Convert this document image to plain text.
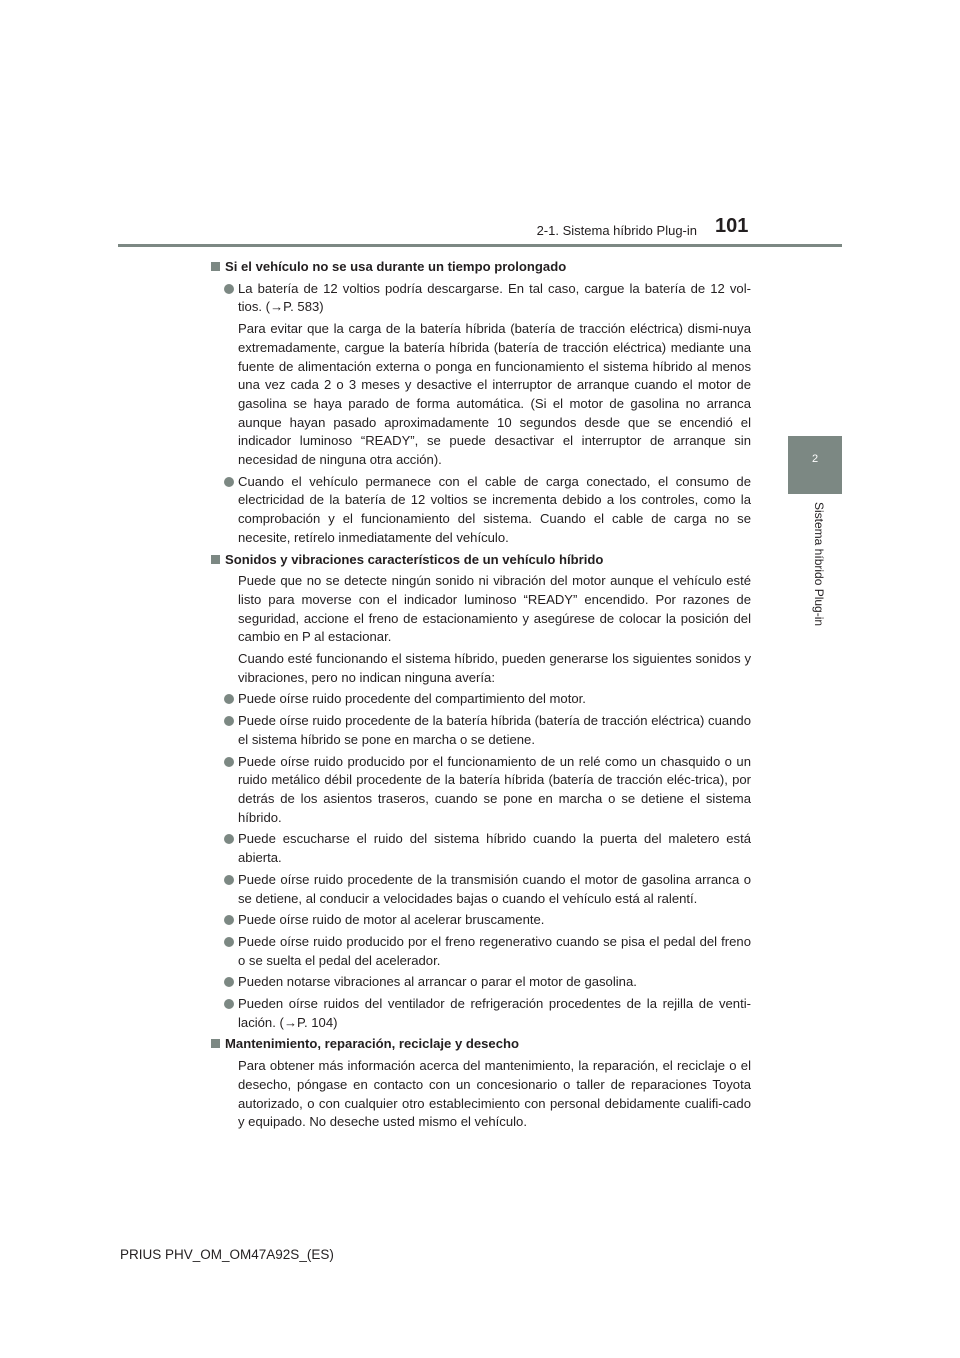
2-1. Sistema híbrido Plug-in 101
2
Sistema híbrido Plug-in
Si el vehículo no se usa durante un tiempo prolongado
La batería de 12 voltios podría descargarse. En tal caso, cargue la batería de 12 vol-tios. (→P. 583)
Para evitar que la carga de la batería híbrida (batería de tracción eléctrica) dismi-nuya extremadamente, cargue la batería híbrida (batería de tracción eléctrica) mediante una fuente de alimentación externa o ponga en funcionamiento el sistema híbrido al menos una vez cada 2 o 3 meses y desactive el interruptor de arranque cuando el motor de gasolina se haya parado de forma automática. (Si el motor de gasolina no arranca aunque hayan pasado aproximadamente 10 segundos desde que se encendió el indicador luminoso “READY”, se puede desactivar el interruptor de arranque sin necesidad de ninguna otra acción).
Cuando el vehículo permanece con el cable de carga conectado, el consumo de electricidad de la batería de 12 voltios se incrementa debido a los controles, como la comprobación y el funcionamiento del sistema. Cuando el cable de carga no se necesite, retírelo inmediatamente del vehículo.
Sonidos y vibraciones característicos de un vehículo híbrido
Puede que no se detecte ningún sonido ni vibración del motor aunque el vehículo esté listo para moverse con el indicador luminoso “READY” encendido. Por razones de seguridad, accione el freno de estacionamiento y asegúrese de colocar la posición del cambio en P al estacionar.
Cuando esté funcionando el sistema híbrido, pueden generarse los siguientes sonidos y vibraciones, pero no indican ninguna avería:
Puede oírse ruido procedente del compartimiento del motor.
Puede oírse ruido procedente de la batería híbrida (batería de tracción eléctrica) cuando el sistema híbrido se pone en marcha o se detiene.
Puede oírse ruido producido por el funcionamiento de un relé como un chasquido o un ruido metálico débil procedente de la batería híbrida (batería de tracción eléc-trica), por detrás de los asientos traseros, cuando se pone en marcha o se detiene el sistema híbrido.
Puede escucharse el ruido del sistema híbrido cuando la puerta del maletero está abierta.
Puede oírse ruido procedente de la transmisión cuando el motor de gasolina arranca o se detiene, al conducir a velocidades bajas o cuando el vehículo está al ralentí.
Puede oírse ruido de motor al acelerar bruscamente.
Puede oírse ruido producido por el freno regenerativo cuando se pisa el pedal del freno o se suelta el pedal del acelerador.
Pueden notarse vibraciones al arrancar o parar el motor de gasolina.
Pueden oírse ruidos del ventilador de refrigeración procedentes de la rejilla de venti-lación. (→P. 104)
Mantenimiento, reparación, reciclaje y desecho
Para obtener más información acerca del mantenimiento, la reparación, el reciclaje o el desecho, póngase en contacto con un concesionario o taller de reparaciones Toyota autorizado, o con cualquier otro establecimiento con personal debidamente cualifi-cado y equipado. No deseche usted mismo el vehículo.
PRIUS PHV_OM_OM47A92S_(ES)
